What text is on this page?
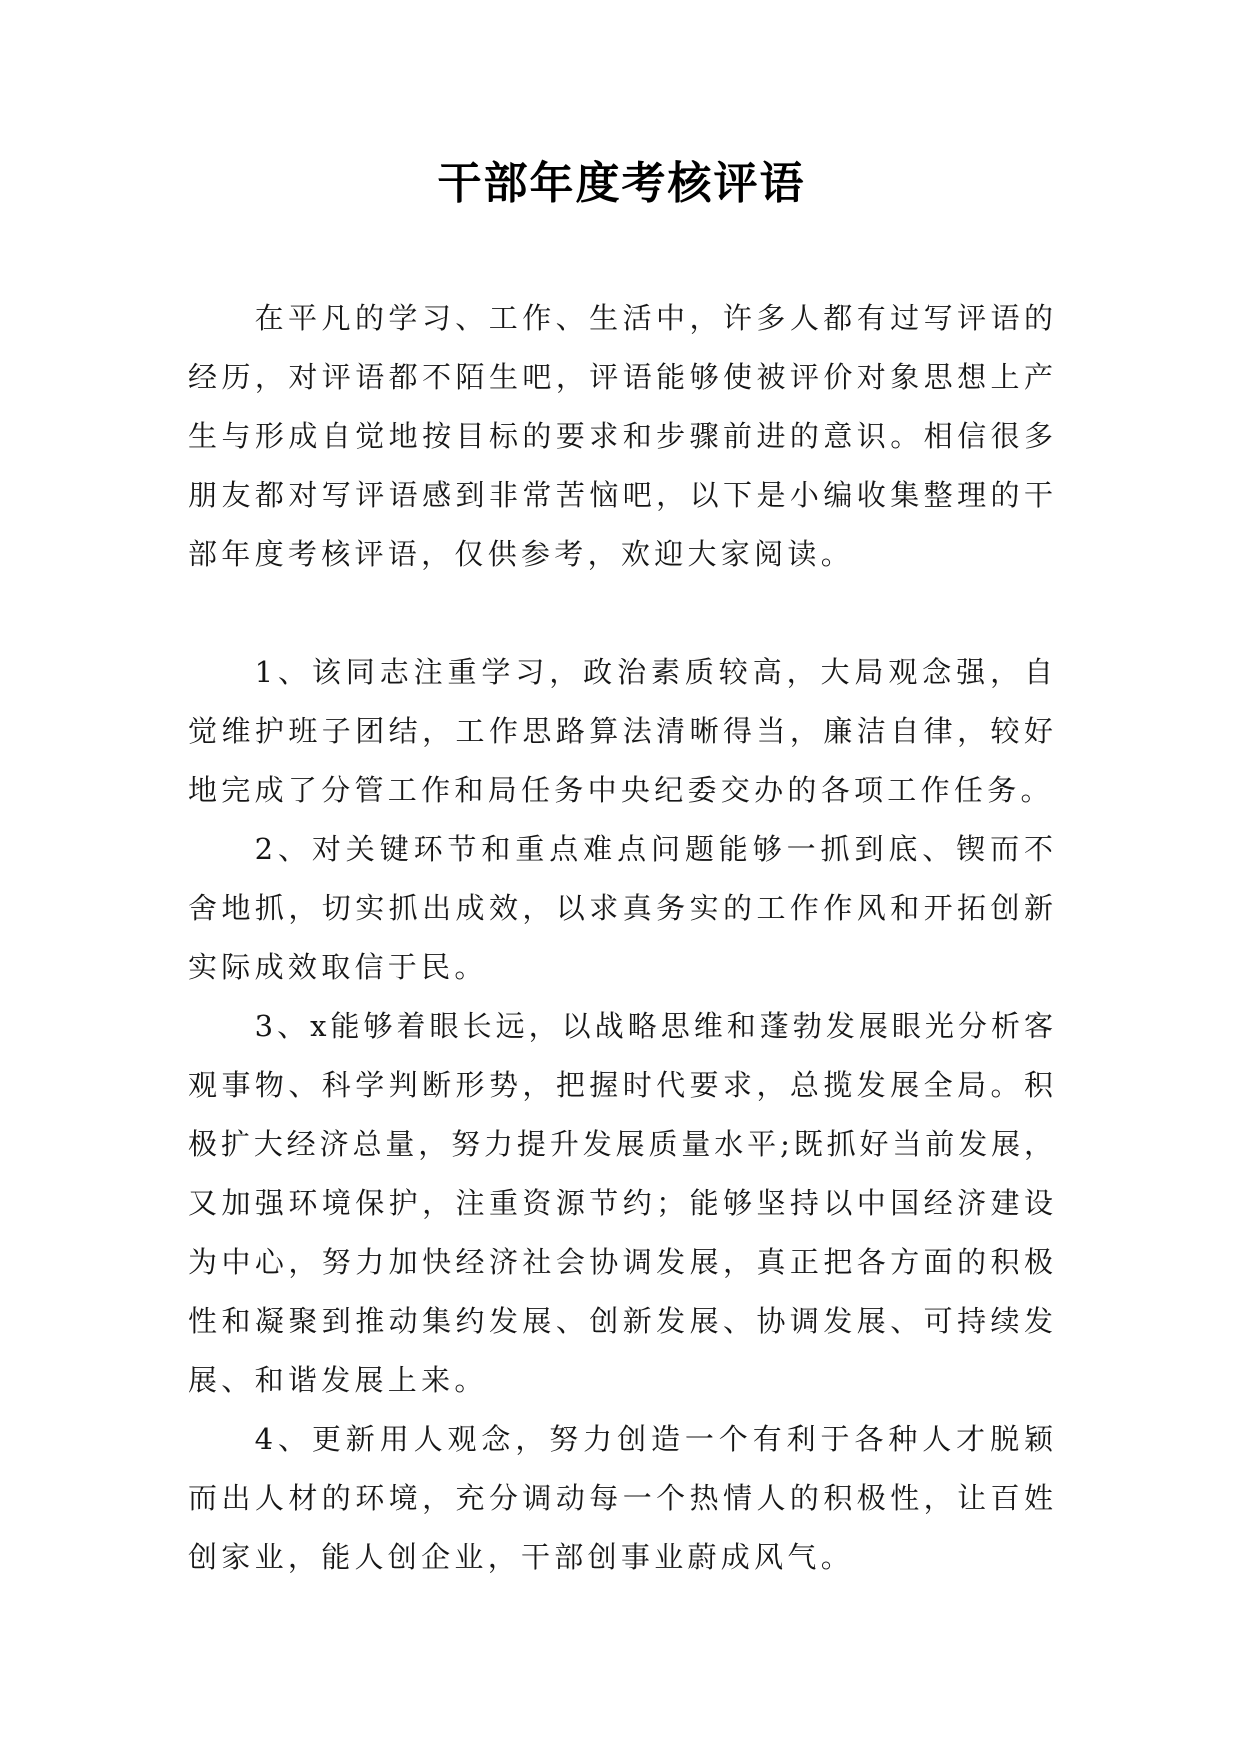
干部年度考核评语
在平凡的学习、工作、生活中，许多人都有过写评语的
经历，对评语都不陌生吧，评语能够使被评价对象思想上产
生与形成自觉地按目标的要求和步骤前进的意识。相信很多
朋友都对写评语感到非常苦恼吧，以下是小编收集整理的干
部年度考核评语，仅供参考，欢迎大家阅读。
1、该同志注重学习，政治素质较高，大局观念强，自
觉维护班子团结，工作思路算法清晰得当，廉洁自律，较好
地完成了分管工作和局任务中央纪委交办的各项工作任务。
2、对关键环节和重点难点问题能够一抓到底、锲而不
舍地抓，切实抓出成效，以求真务实的工作作风和开拓创新
实际成效取信于民。
3、x能够着眼长远，以战略思维和蓬勃发展眼光分析客
观事物、科学判断形势，把握时代要求，总揽发展全局。积
极扩大经济总量，努力提升发展质量水平;既抓好当前发展，
又加强环境保护，注重资源节约；能够坚持以中国经济建设
为中心，努力加快经济社会协调发展，真正把各方面的积极
性和凝聚到推动集约发展、创新发展、协调发展、可持续发
展、和谐发展上来。
4、更新用人观念，努力创造一个有利于各种人才脱颖
而出人材的环境，充分调动每一个热情人的积极性，让百姓
创家业，能人创企业，干部创事业蔚成风气。
